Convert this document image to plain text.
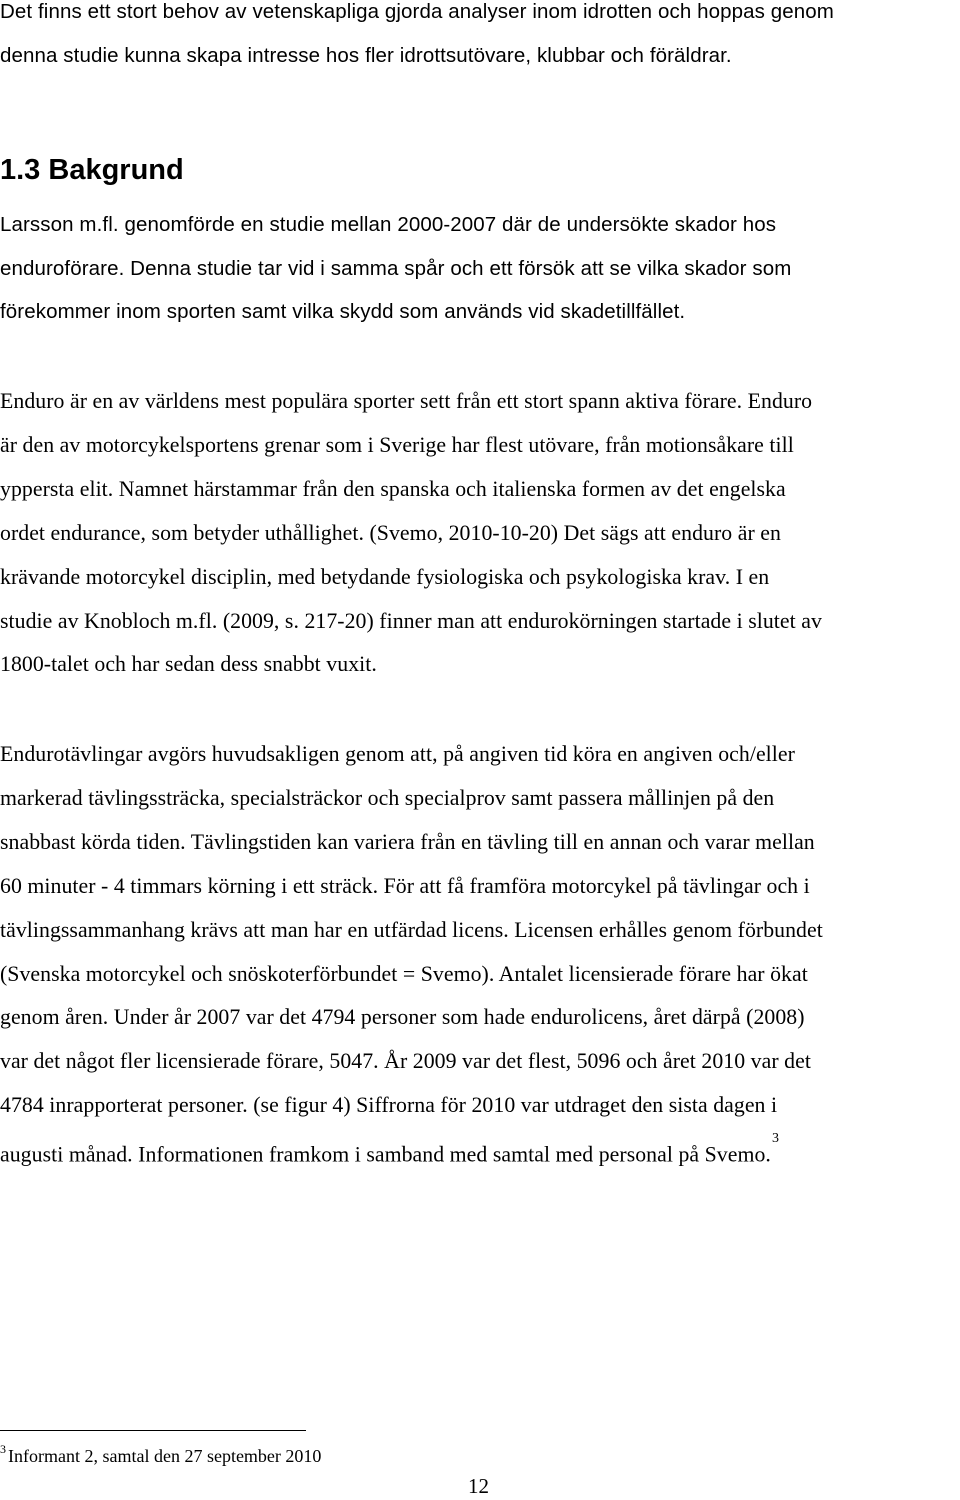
Det finns ett stort behov av vetenskapliga gjorda analyser inom idrotten och hoppas genom
denna studie kunna skapa intresse hos fler idrottsutövare, klubbar och föräldrar.
1.3 Bakgrund
Larsson m.fl. genomförde en studie mellan 2000-2007 där de undersökte skador hos
enduroförare. Denna studie tar vid i samma spår och ett försök att se vilka skador som
förekommer inom sporten samt vilka skydd som används vid skadetillfället.
Enduro är en av världens mest populära sporter sett från ett stort spann aktiva förare. Enduro
är den av motorcykelsportens grenar som i Sverige har flest utövare, från motionsåkare till
yppersta elit. Namnet härstammar från den spanska och italienska formen av det engelska
ordet endurance, som betyder uthållighet. (Svemo, 2010-10-20) Det sägs att enduro är en
krävande motorcykel disciplin, med betydande fysiologiska och psykologiska krav. I en
studie av Knobloch m.fl. (2009, s. 217-20) finner man att endurokörningen startade i slutet av
1800-talet och har sedan dess snabbt vuxit.
Endurotävlingar avgörs huvudsakligen genom att, på angiven tid köra en angiven och/eller
markerad tävlingssträcka, specialsträckor och specialprov samt passera mållinjen på den
snabbast körda tiden. Tävlingstiden kan variera från en tävling till en annan och varar mellan
60 minuter - 4 timmars körning i ett sträck. För att få framföra motorcykel på tävlingar och i
tävlingssammanhang krävs att man har en utfärdad licens. Licensen erhålles genom förbundet
(Svenska motorcykel och snöskoterförbundet = Svemo). Antalet licensierade förare har ökat
genom åren. Under år 2007 var det 4794 personer som hade endurolicens, året därpå (2008)
var det något fler licensierade förare, 5047. År 2009 var det flest, 5096 och året 2010 var det
4784 inrapporterat personer. (se figur 4) Siffrorna för 2010 var utdraget den sista dagen i
augusti månad. Informationen framkom i samband med samtal med personal på Svemo.$^3$
$^3$ Informant 2, samtal den 27 september 2010
12
